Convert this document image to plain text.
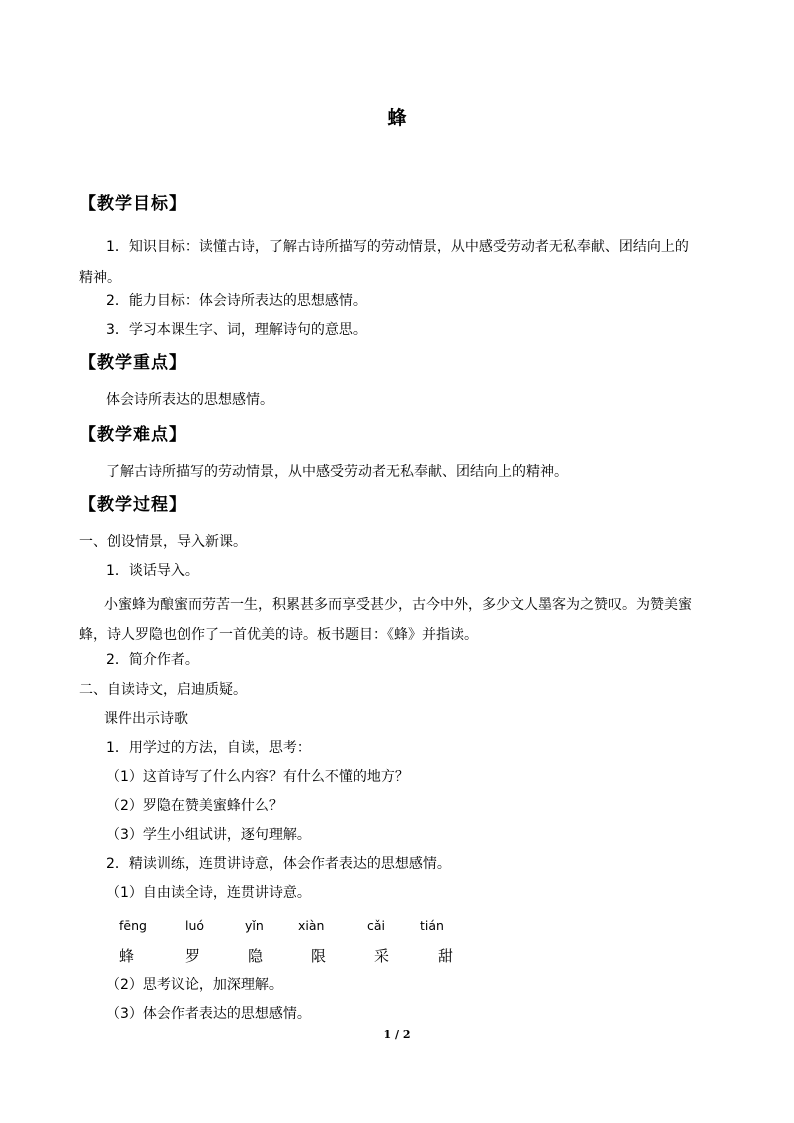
蜂
【教学目标】
1．知识目标：读懂古诗，了解古诗所描写的劳动情景，从中感受劳动者无私奉献、团结向上的精神。
2．能力目标：体会诗所表达的思想感情。
3．学习本课生字、词，理解诗句的意思。
【教学重点】
体会诗所表达的思想感情。
【教学难点】
了解古诗所描写的劳动情景，从中感受劳动者无私奉献、团结向上的精神。
【教学过程】
一、创设情景，导入新课。
1．谈话导入。
小蜜蜂为酿蜜而劳苦一生，积累甚多而享受甚少，古今中外，多少文人墨客为之赞叹。为赞美蜜蜂，诗人罗隐也创作了一首优美的诗。板书题目：《蜂》并指读。
2．简介作者。
二、自读诗文，启迪质疑。
课件出示诗歌
1．用学过的方法，自读，思考：
（1）这首诗写了什么内容？有什么不懂的地方？
（2）罗隐在赞美蜜蜂什么？
（3）学生小组试讲，逐句理解。
2．精读训练，连贯讲诗意，体会作者表达的思想感情。
（1）自由读全诗，连贯讲诗意。
fēng	luó	yǐn	xiàn	cǎi	tián
蜂	罗	隐	限	采	甜
（2）思考议论，加深理解。
（3）体会作者表达的思想感情。
1 / 2
